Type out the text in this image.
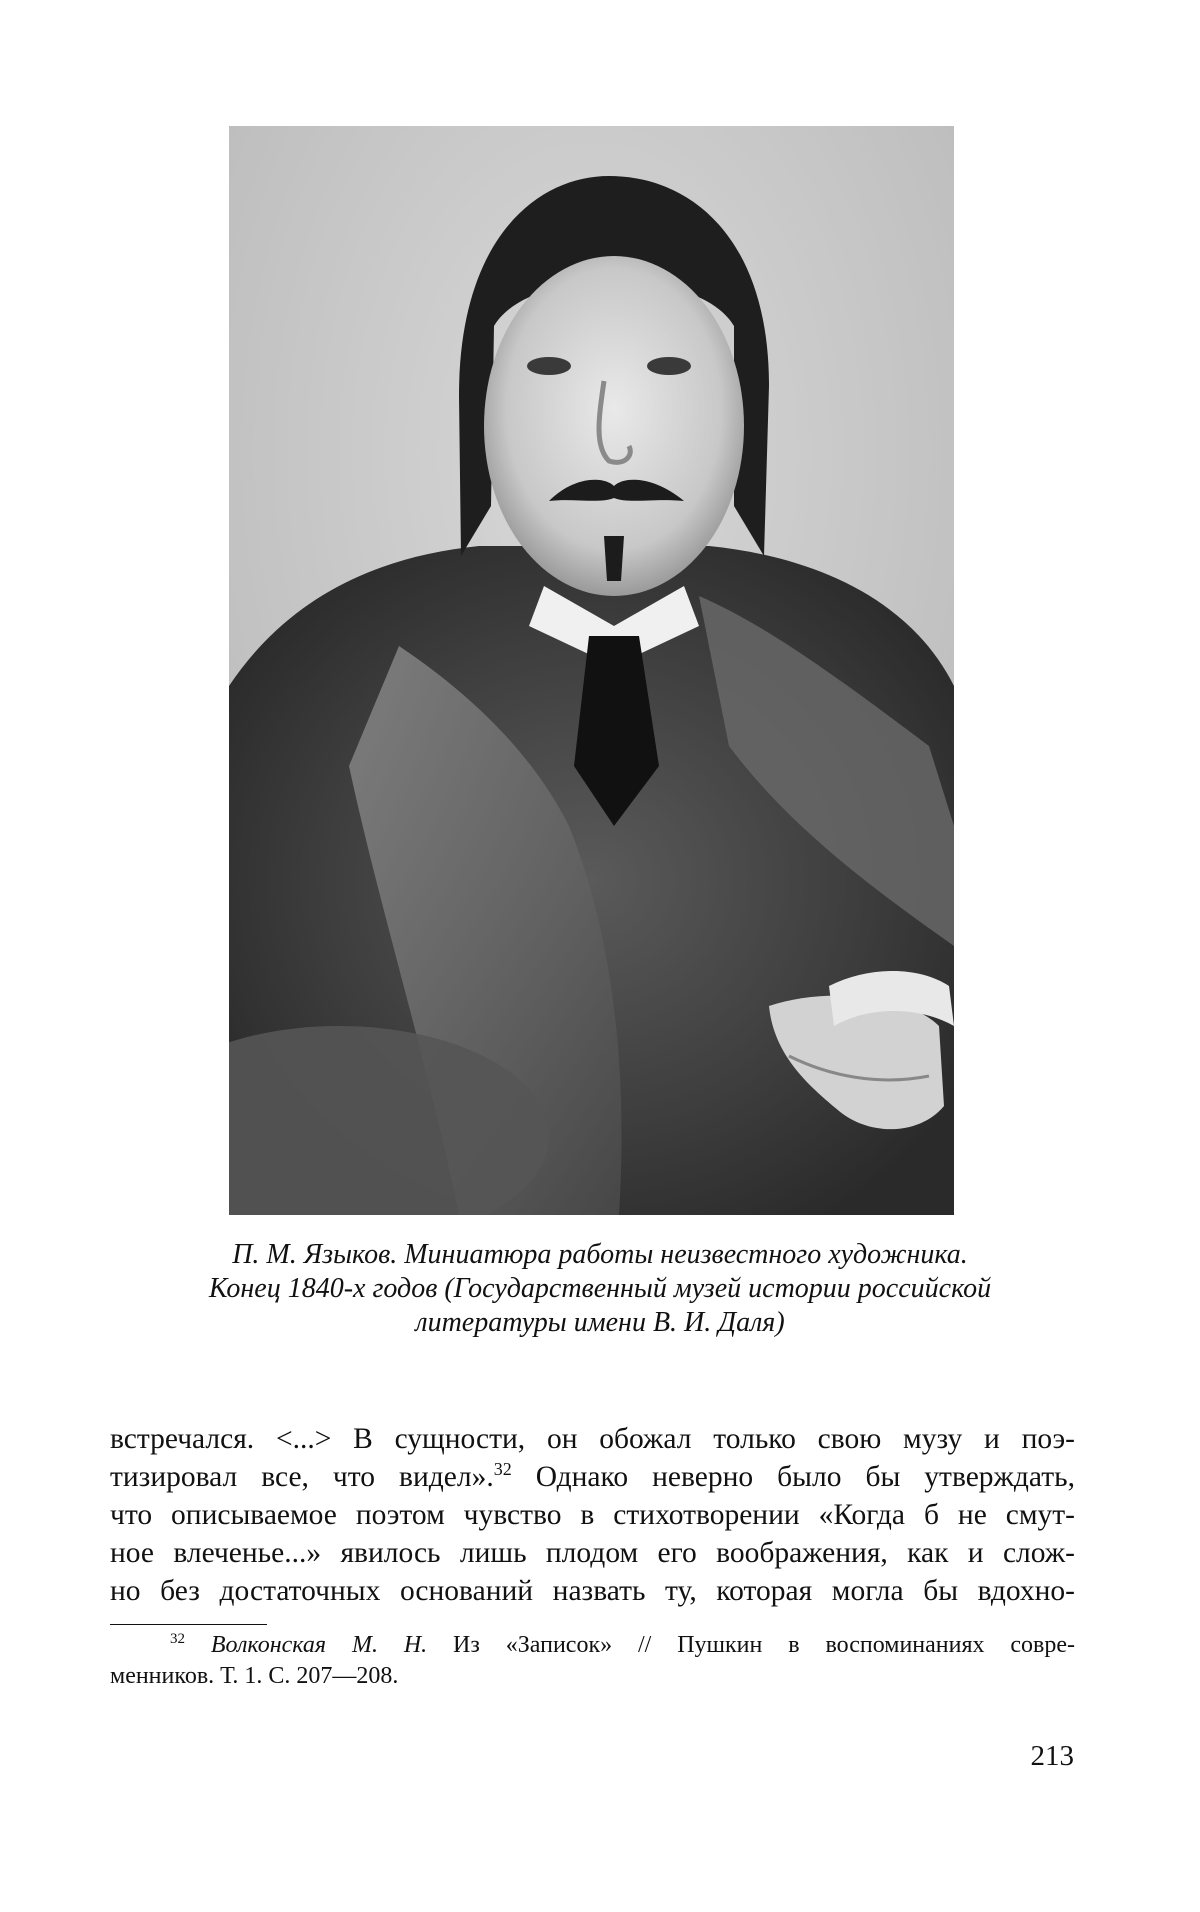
П. М. Языков. Миниатюра работы неизвестного художника.
Конец 1840-х годов (Государственный музей истории российской
литературы имени В. И. Даля)
встречался. <...> В сущности, он обожал только свою музу и поэ-
тизировал все, что видел».$^{32}$ Однако неверно было бы утверждать,
что описываемое поэтом чувство в стихотворении «Когда б не смут-
ное влеченье...» явилось лишь плодом его воображения, как и слож-
но без достаточных оснований назвать ту, которая могла бы вдохно-
$^{32}$ Волконская М. Н. Из «Записок» // Пушкин в воспоминаниях совре-
менников. Т. 1. С. 207—208.
213
